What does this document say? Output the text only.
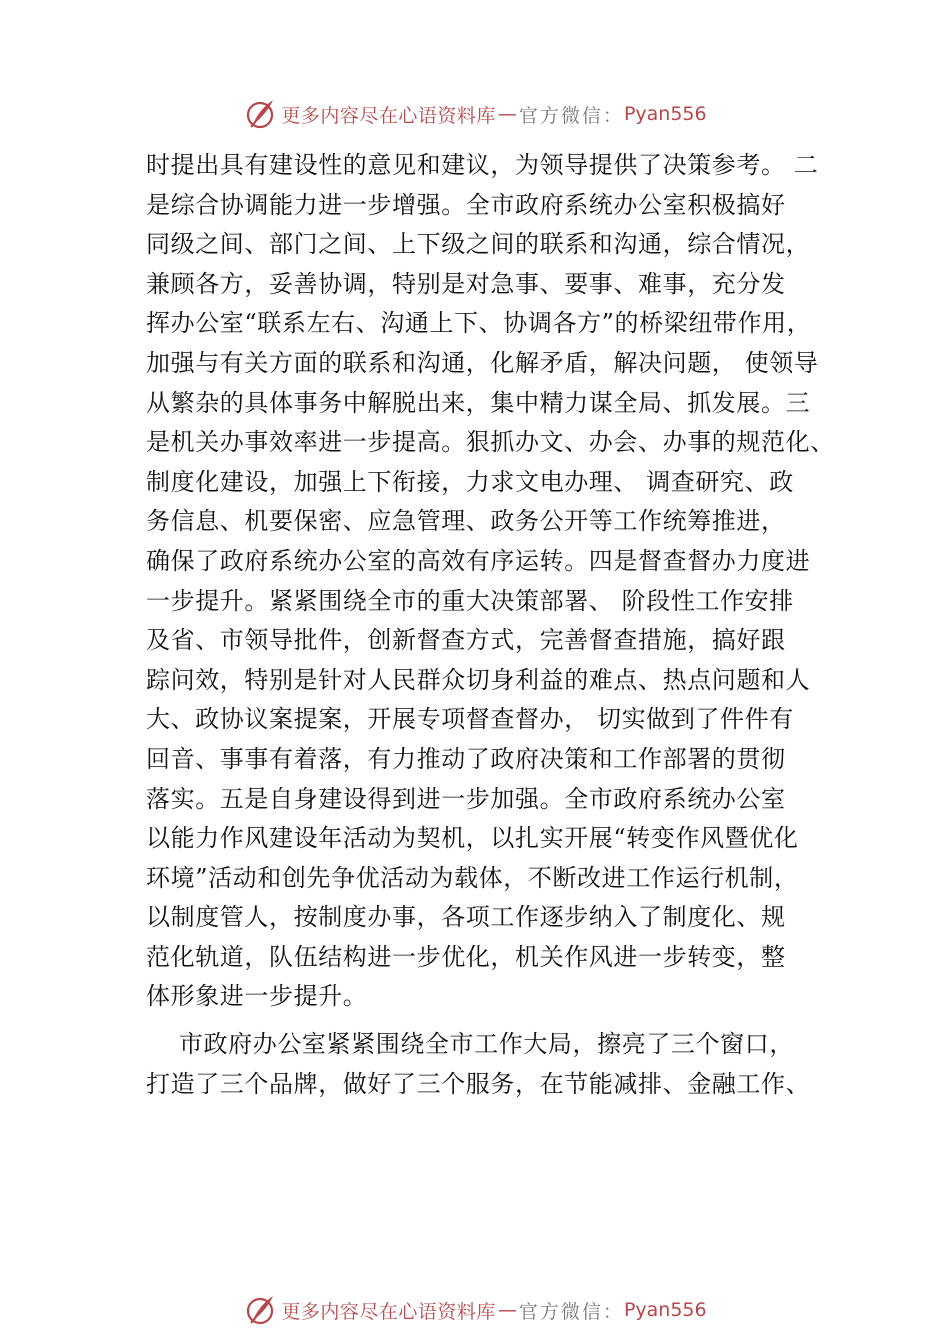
更多内容尽在心语资料库 — 官方微信： Pyan556
时提出具有建设性的意见和建议，为领导提供了决策参考。 二
是综合协调能力进一步增强。全市政府系统办公室积极搞好
同级之间、部门之间、上下级之间的联系和沟通，综合情况，
兼顾各方，妥善协调，特别是对急事、要事、难事，充分发
挥办公室“联系左右、沟通上下、协调各方”的桥梁纽带作用，
加强与有关方面的联系和沟通，化解矛盾，解决问题， 使领导
从繁杂的具体事务中解脱出来，集中精力谋全局、抓发展。三
是机关办事效率进一步提高。狠抓办文、办会、办事的规范化、
制度化建设，加强上下衔接，力求文电办理、 调查研究、政
务信息、机要保密、应急管理、政务公开等工作统筹推进，
确保了政府系统办公室的高效有序运转。四是督查督办力度进
一步提升。紧紧围绕全市的重大决策部署、 阶段性工作安排
及省、市领导批件，创新督查方式，完善督查措施，搞好跟
踪问效，特别是针对人民群众切身利益的难点、热点问题和人
大、政协议案提案，开展专项督查督办， 切实做到了件件有
回音、事事有着落，有力推动了政府决策和工作部署的贯彻
落实。五是自身建设得到进一步加强。全市政府系统办公室
以能力作风建设年活动为契机，以扎实开展“转变作风暨优化
环境”活动和创先争优活动为载体，不断改进工作运行机制，
以制度管人，按制度办事，各项工作逐步纳入了制度化、规
范化轨道，队伍结构进一步优化，机关作风进一步转变，整
体形象进一步提升。
市政府办公室紧紧围绕全市工作大局，擦亮了三个窗口，
打造了三个品牌，做好了三个服务，在节能减排、金融工作、
更多内容尽在心语资料库 — 官方微信： Pyan556
